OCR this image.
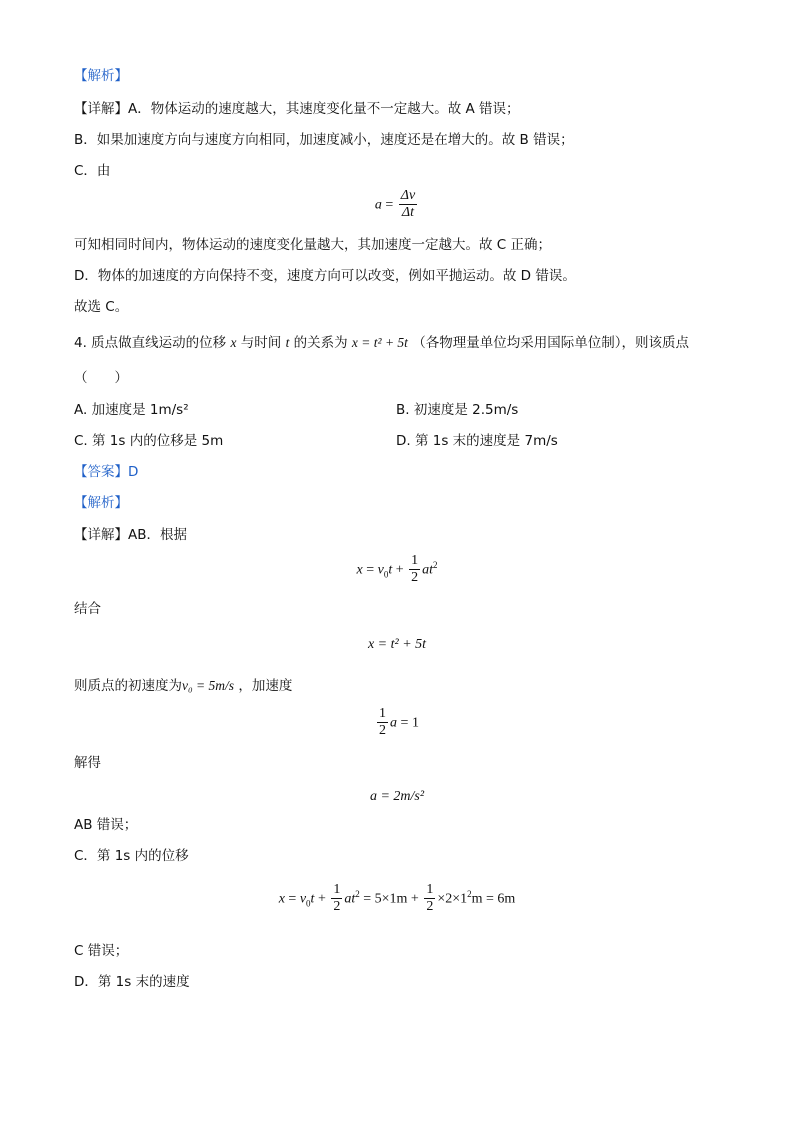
【解析】
【详解】A．物体运动的速度越大，其速度变化量不一定越大。故 A 错误；
B．如果加速度方向与速度方向相同，加速度减小，速度还是在增大的。故 B 错误；
C．由
$a = \frac{\Delta v}{\Delta t}$
可知相同时间内，物体运动的速度变化量越大，其加速度一定越大。故 C 正确；
D．物体的加速度的方向保持不变，速度方向可以改变，例如平抛运动。故 D 错误。
故选 C。
4. 质点做直线运动的位移 x 与时间 t 的关系为 x = t² + 5t （各物理量单位均采用国际单位制），则该质点
（　　）
A. 加速度是 1m/s²	B. 初速度是 2.5m/s
C. 第 1s 内的位移是 5m	D. 第 1s 末的速度是 7m/s
【答案】D
【解析】
【详解】AB．根据
$x = v_0t + \frac{1}{2} at^2$
结合
x = t² + 5t
则质点的初速度为v₀ = 5m/s ，加速度
$\frac{1}{2}$ a = 1
解得
a = 2m/s²
AB 错误；
C．第 1s 内的位移
$x = v_0t + \frac{1}{2} at^2 = 5\times 1m + \frac{1}{2} \times 2\times 1^2m = 6m$
C 错误；
D．第 1s 末的速度
